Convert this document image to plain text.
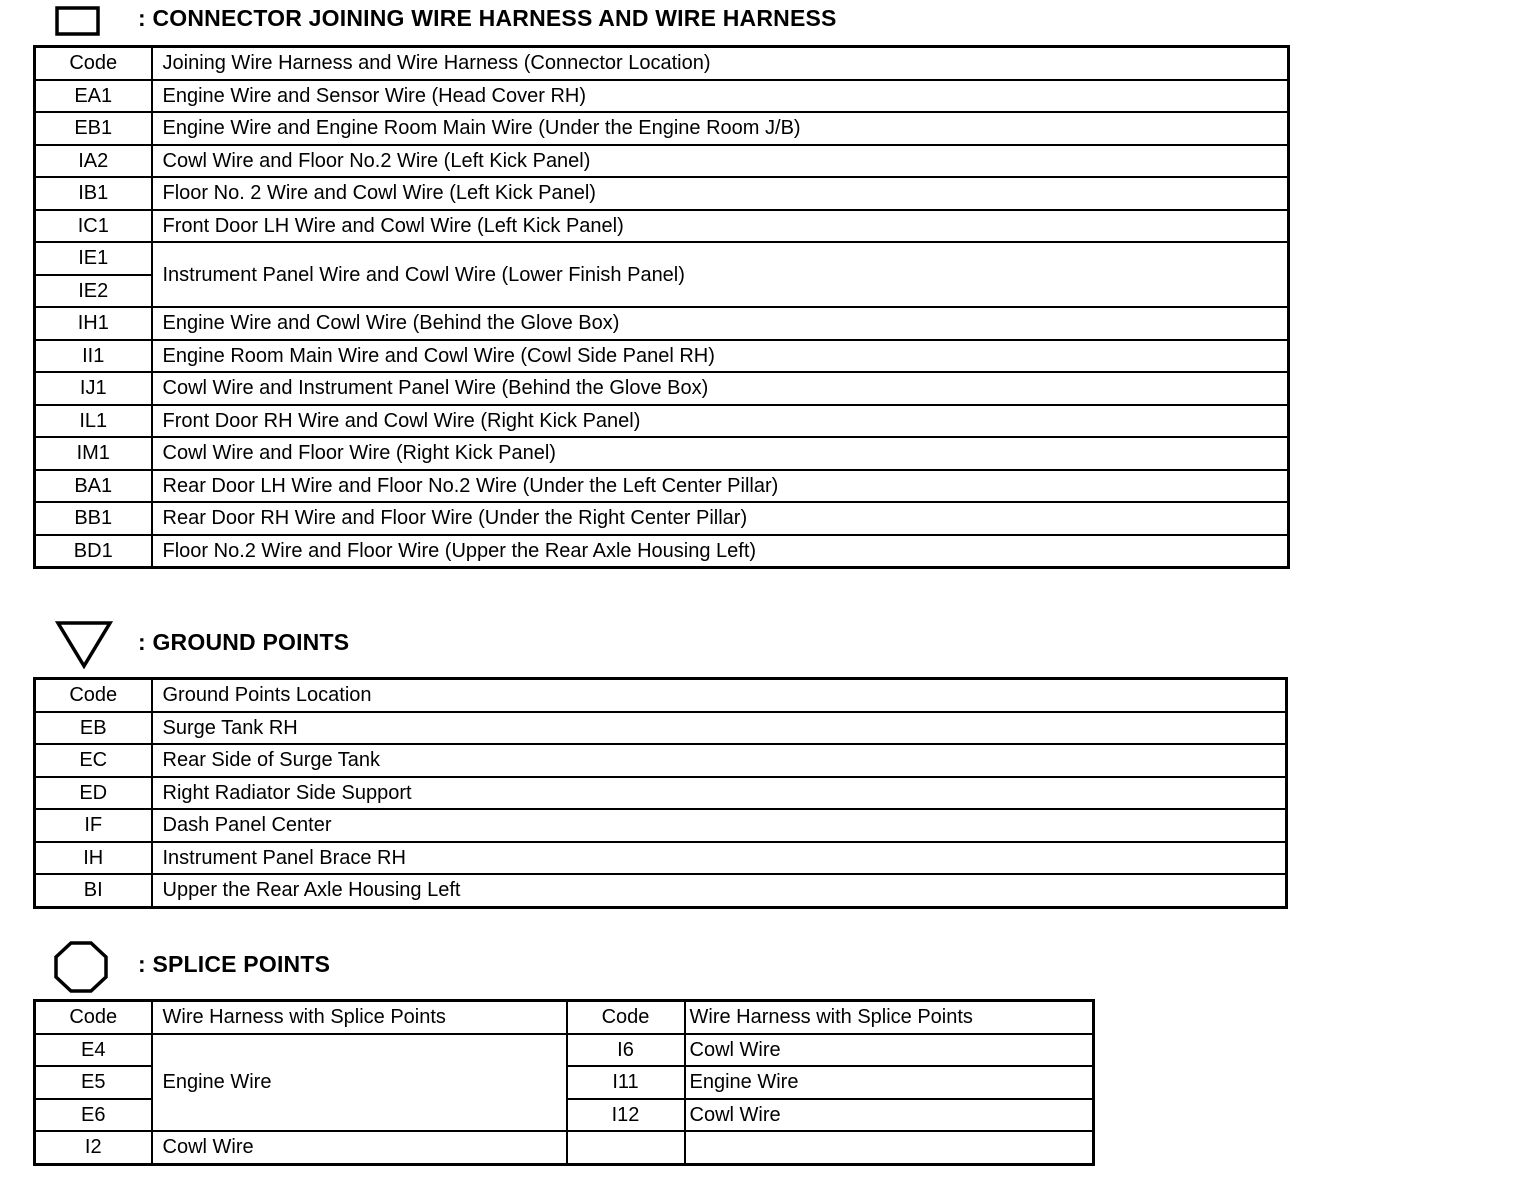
: CONNECTOR JOINING WIRE HARNESS AND WIRE HARNESS
Code	Joining Wire Harness and Wire Harness (Connector Location)
EA1	Engine Wire and Sensor Wire (Head Cover RH)
EB1	Engine Wire and Engine Room Main Wire (Under the Engine Room J/B)
IA2	Cowl Wire and Floor No.2 Wire (Left Kick Panel)
IB1	Floor No. 2 Wire and Cowl Wire (Left Kick Panel)
IC1	Front Door LH Wire and Cowl Wire (Left Kick Panel)
IE1	Instrument Panel Wire and Cowl Wire (Lower Finish Panel)
IE2	
IH1	Engine Wire and Cowl Wire (Behind the Glove Box)
II1	Engine Room Main Wire and Cowl Wire (Cowl Side Panel RH)
IJ1	Cowl Wire and Instrument Panel Wire (Behind the Glove Box)
IL1	Front Door RH Wire and Cowl Wire (Right Kick Panel)
IM1	Cowl Wire and Floor Wire (Right Kick Panel)
BA1	Rear Door LH Wire and Floor No.2 Wire (Under the Left Center Pillar)
BB1	Rear Door RH Wire and Floor Wire (Under the Right Center Pillar)
BD1	Floor No.2 Wire and Floor Wire (Upper the Rear Axle Housing Left)
: GROUND POINTS
Code	Ground Points Location
EB	Surge Tank RH
EC	Rear Side of Surge Tank
ED	Right Radiator Side Support
IF	Dash Panel Center
IH	Instrument Panel Brace RH
BI	Upper the Rear Axle Housing Left
: SPLICE POINTS
Code	Wire Harness with Splice Points	Code	Wire Harness with Splice Points
E4	Engine Wire	I6	Cowl Wire
E5		I11	Engine Wire
E6		I12	Cowl Wire
I2	Cowl Wire		
